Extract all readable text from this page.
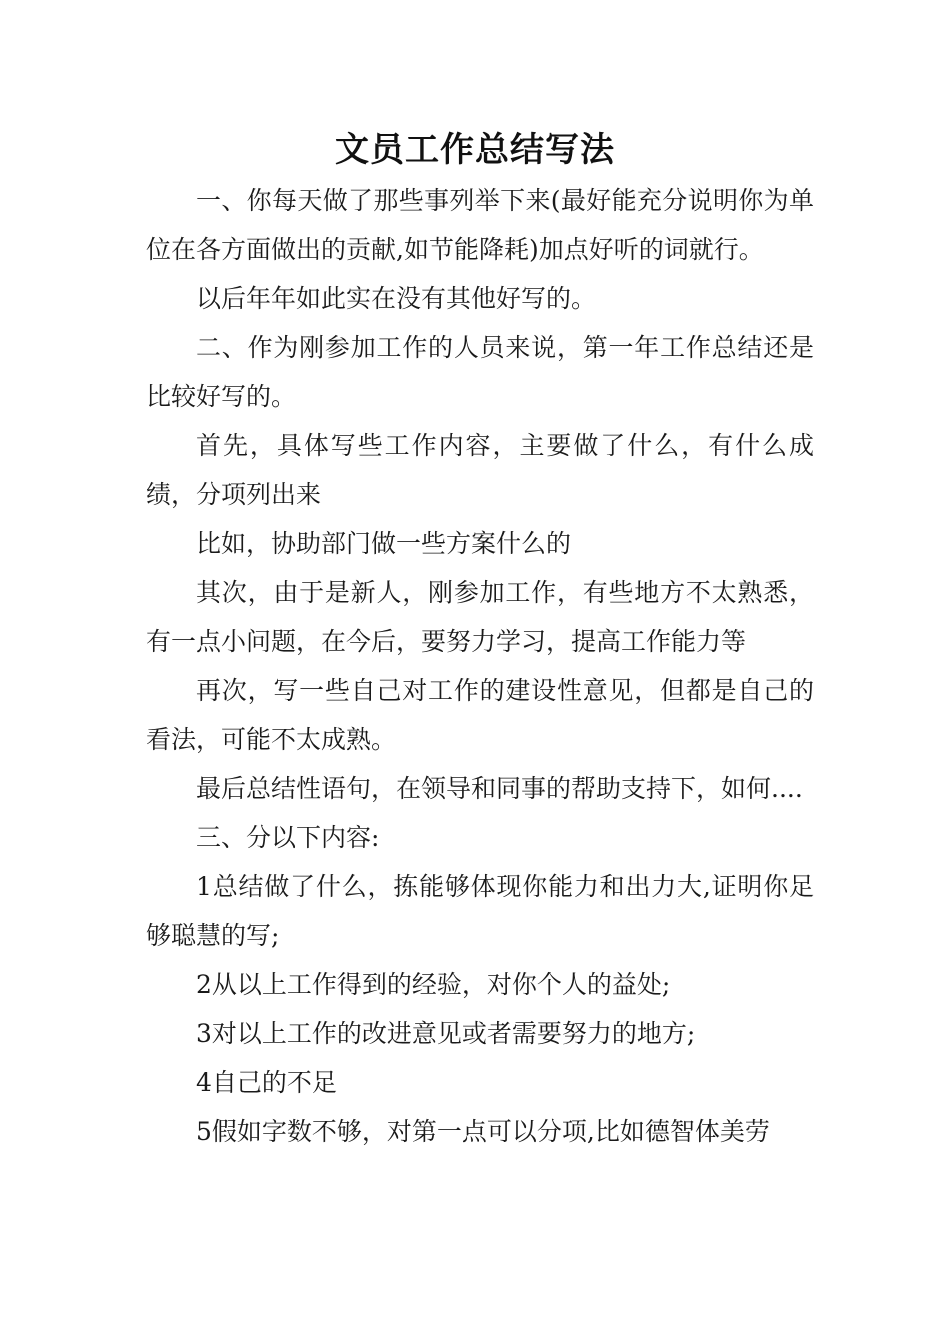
文员工作总结写法

一、你每天做了那些事列举下来(最好能充分说明你为单位在各方面做出的贡献,如节能降耗)加点好听的词就行。

以后年年如此实在没有其他好写的。

二、作为刚参加工作的人员来说，第一年工作总结还是比较好写的。

首先，具体写些工作内容，主要做了什么，有什么成绩，分项列出来

比如，协助部门做一些方案什么的

其次，由于是新人，刚参加工作，有些地方不太熟悉，有一点小问题，在今后，要努力学习，提高工作能力等

再次，写一些自己对工作的建设性意见，但都是自己的看法，可能不太成熟。

最后总结性语句，在领导和同事的帮助支持下，如何....

三、分以下内容:

1总结做了什么，拣能够体现你能力和出力大,证明你足够聪慧的写;

2从以上工作得到的经验，对你个人的益处;

3对以上工作的改进意见或者需要努力的地方;

4自己的不足

5假如字数不够，对第一点可以分项,比如德智体美劳
